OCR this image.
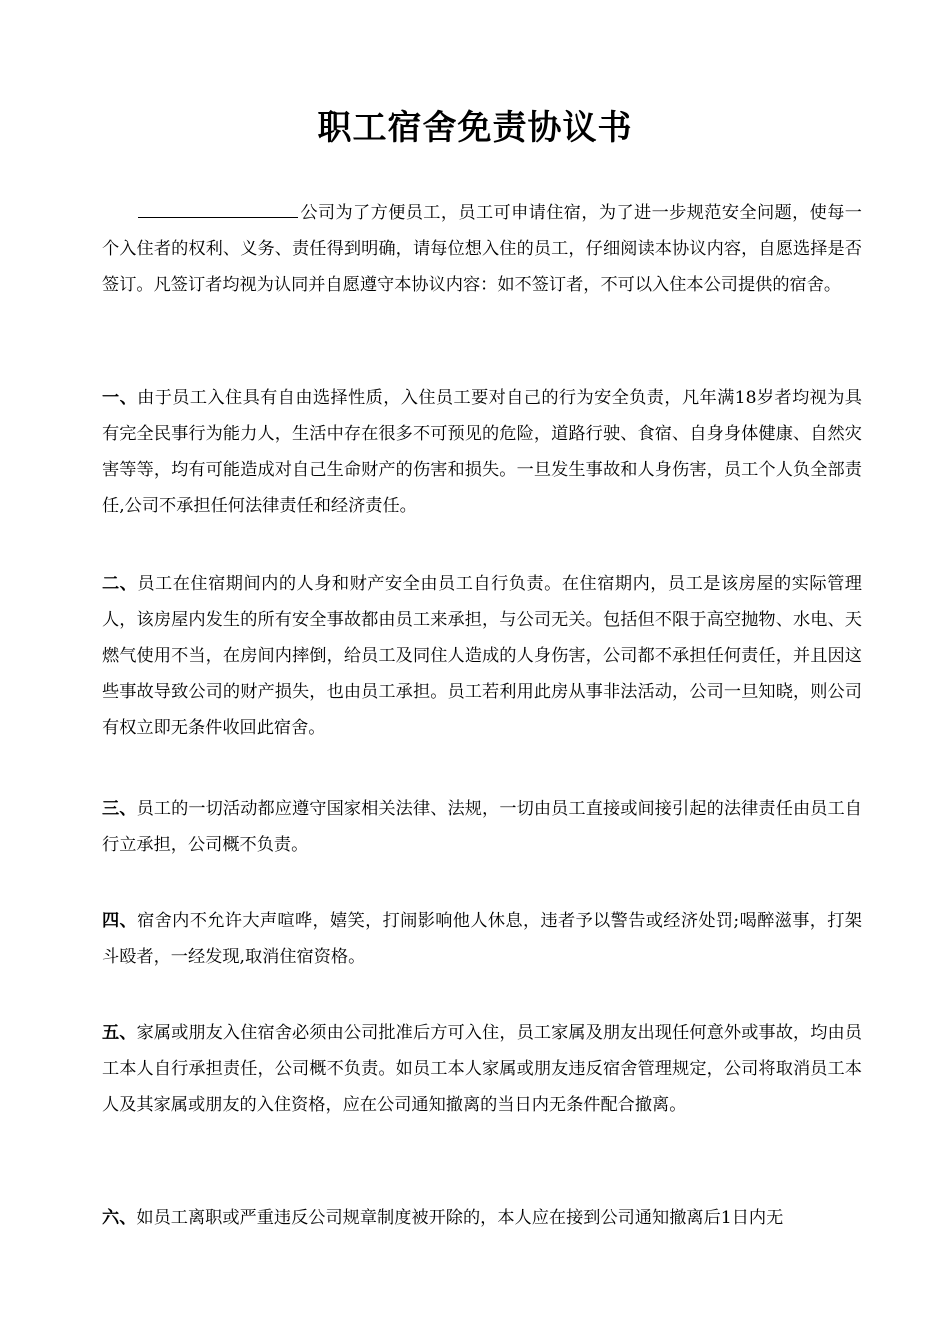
职工宿舍免责协议书
公司为了方便员工，员工可申请住宿，为了进一步规范安全问题，使每一个入住者的权利、义务、责任得到明确，请每位想入住的员工，仔细阅读本协议内容，自愿选择是否签订。凡签订者均视为认同并自愿遵守本协议内容：如不签订者，不可以入住本公司提供的宿舍。
一、由于员工入住具有自由选择性质，入住员工要对自己的行为安全负责，凡年满18岁者均视为具有完全民事行为能力人，生活中存在很多不可预见的危险，道路行驶、食宿、自身身体健康、自然灾害等等，均有可能造成对自己生命财产的伤害和损失。一旦发生事故和人身伤害，员工个人负全部责任,公司不承担任何法律责任和经济责任。
二、员工在住宿期间内的人身和财产安全由员工自行负责。在住宿期内，员工是该房屋的实际管理人，该房屋内发生的所有安全事故都由员工来承担，与公司无关。包括但不限于高空抛物、水电、天燃气使用不当，在房间内摔倒，给员工及同住人造成的人身伤害，公司都不承担任何责任，并且因这些事故导致公司的财产损失，也由员工承担。员工若利用此房从事非法活动，公司一旦知晓，则公司有权立即无条件收回此宿舍。
三、员工的一切活动都应遵守国家相关法律、法规，一切由员工直接或间接引起的法律责任由员工自行立承担，公司概不负责。
四、宿舍内不允许大声喧哗，嬉笑，打闹影响他人休息，违者予以警告或经济处罚;喝醉滋事，打架斗殴者，一经发现,取消住宿资格。
五、家属或朋友入住宿舍必须由公司批准后方可入住，员工家属及朋友出现任何意外或事故，均由员工本人自行承担责任，公司概不负责。如员工本人家属或朋友违反宿舍管理规定，公司将取消员工本人及其家属或朋友的入住资格，应在公司通知撤离的当日内无条件配合撤离。
六、如员工离职或严重违反公司规章制度被开除的，本人应在接到公司通知撤离后1日内无
